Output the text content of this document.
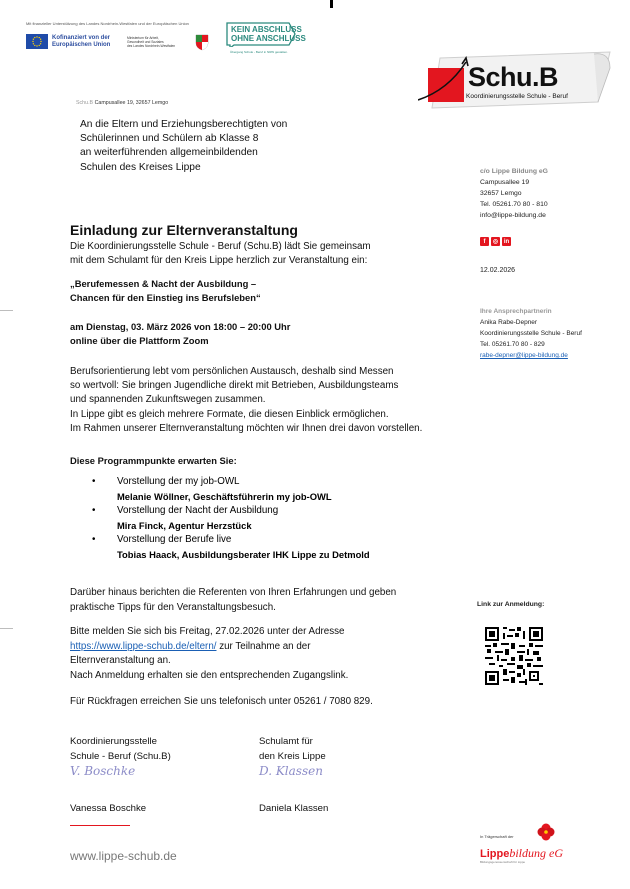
Mit finanzieller Unterstützung des Landes Nordrhein-Westfalen und der Europäischen Union
Kofinanziert von der
Europäischen Union
Ministerium für Arbeit,
Gesundheit und Soziales
des Landes Nordrhein-Westfalen
KEIN ABSCHLUSS
OHNE ANSCHLUSS
Übergang Schule - Beruf in NRW gestalten.
Schu.B
Koordinierungsstelle Schule - Beruf
Schu.B Campusallee 19, 32657 Lemgo
An die Eltern und Erziehungsberechtigten von
Schülerinnen und Schülern ab Klasse 8
an weiterführenden allgemeinbildenden
Schulen des Kreises Lippe	c/o Lippe Bildung eG
Campusallee 19
32657 Lemgo
Tel. 05261.70 80 - 810
info@lippe-bildung.de
f	◎ in
12.02.2026
Ihre Ansprechpartnerin
Anika Rabe-Depner
Koordinierungsstelle Schule - Beruf
Tel. 05261.70 80 - 829
rabe-depner@lippe-bildung.de
Einladung zur Elternveranstaltung
Die Koordinierungsstelle Schule - Beruf (Schu.B) lädt Sie gemeinsam
mit dem Schulamt für den Kreis Lippe herzlich zur Veranstaltung ein:
„Berufemessen & Nacht der Ausbildung –
Chancen für den Einstieg ins Berufsleben“
am Dienstag, 03. März 2026 von 18:00 – 20:00 Uhr
online über die Plattform Zoom
Berufsorientierung lebt vom persönlichen Austausch, deshalb sind Messen
so wertvoll: Sie bringen Jugendliche direkt mit Betrieben, Ausbildungsteams
und spannenden Zukunftswegen zusammen.
In Lippe gibt es gleich mehrere Formate, die diesen Einblick ermöglichen.
Im Rahmen unserer Elternveranstaltung möchten wir Ihnen drei davon vorstellen.
Diese Programmpunkte erwarten Sie:
• Vorstellung der my job-OWL
Melanie Wöllner, Geschäftsführerin my job-OWL
• Vorstellung der Nacht der Ausbildung
Mira Finck, Agentur Herzstück
• Vorstellung der Berufe live
Tobias Haack, Ausbildungsberater IHK Lippe zu Detmold
Darüber hinaus berichten die Referenten von Ihren Erfahrungen und geben
praktische Tipps für den Veranstaltungsbesuch.
Bitte melden Sie sich bis Freitag, 27.02.2026 unter der Adresse
https://www.lippe-schub.de/eltern/ zur Teilnahme an der
Elternveranstaltung an.
Nach Anmeldung erhalten sie den entsprechenden Zugangslink.
Für Rückfragen erreichen Sie uns telefonisch unter 05261 / 7080 829.
Koordinierungsstelle
Schule - Beruf (Schu.B)
V. Boschke
Schulamt für
den Kreis Lippe
D. Klassen
Vanessa Boschke	Daniela Klassen
Link zur Anmeldung:
www.lippe-schub.de
In Trägerschaft der
Lippebildung eG
Bildungsgenossenschaft für Lippe
